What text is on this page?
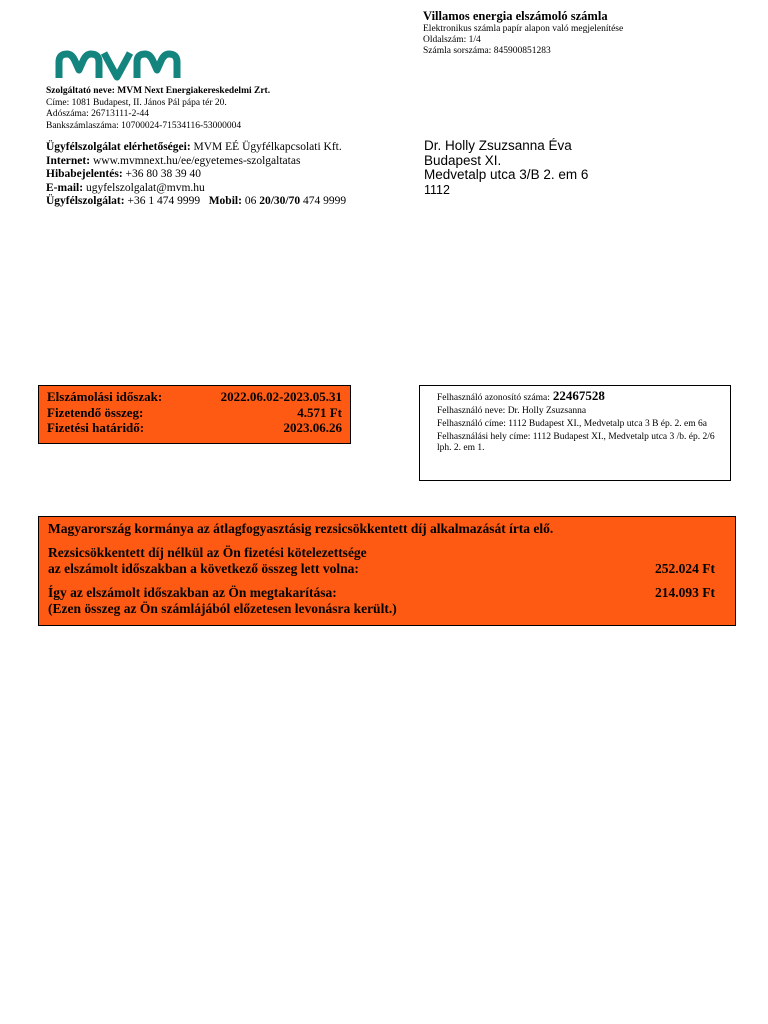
Villamos energia elszámoló számla
Elektronikus számla papír alapon való megjelenítése
Oldalszám: 1/4
Számla sorszáma: 845900851283
Szolgáltató neve: MVM Next Energiakereskedelmi Zrt.
Címe: 1081 Budapest, II. János Pál pápa tér 20.
Adószáma: 26713111-2-44
Bankszámlaszáma: 10700024-71534116-53000004
Ügyfélszolgálat elérhetőségei: MVM EÉ Ügyfélkapcsolati Kft.
Internet: www.mvmnext.hu/ee/egyetemes-szolgaltatas
Hibabejelentés: +36 80 38 39 40
E-mail: ugyfelszolgalat@mvm.hu
Ügyfélszolgálat: +36 1 474 9999 Mobil: 06 20/30/70 474 9999
Dr. Holly Zsuzsanna Éva
Budapest XI.
Medvetalp utca 3/B 2. em 6
1112
Elszámolási időszak:	2022.06.02-2023.05.31
Fizetendő összeg:	4.571 Ft
Fizetési határidő:	2023.06.26
Felhasználó azonosító száma: 22467528
Felhasználó neve: Dr. Holly Zsuzsanna
Felhasználó címe: 1112 Budapest XI., Medvetalp utca 3 B ép. 2. em 6a
Felhasználási hely címe: 1112 Budapest XI., Medvetalp utca 3 /b. ép. 2/6 lph. 2. em 1.
Magyarország kormánya az átlagfogyasztásig rezsicsökkentett díj alkalmazását írta elő.
Rezsicsökkentett díj nélkül az Ön fizetési kötelezettsége
az elszámolt időszakban a következő összeg lett volna:	252.024 Ft
Így az elszámolt időszakban az Ön megtakarítása:	214.093 Ft
(Ezen összeg az Ön számlájából előzetesen levonásra került.)
